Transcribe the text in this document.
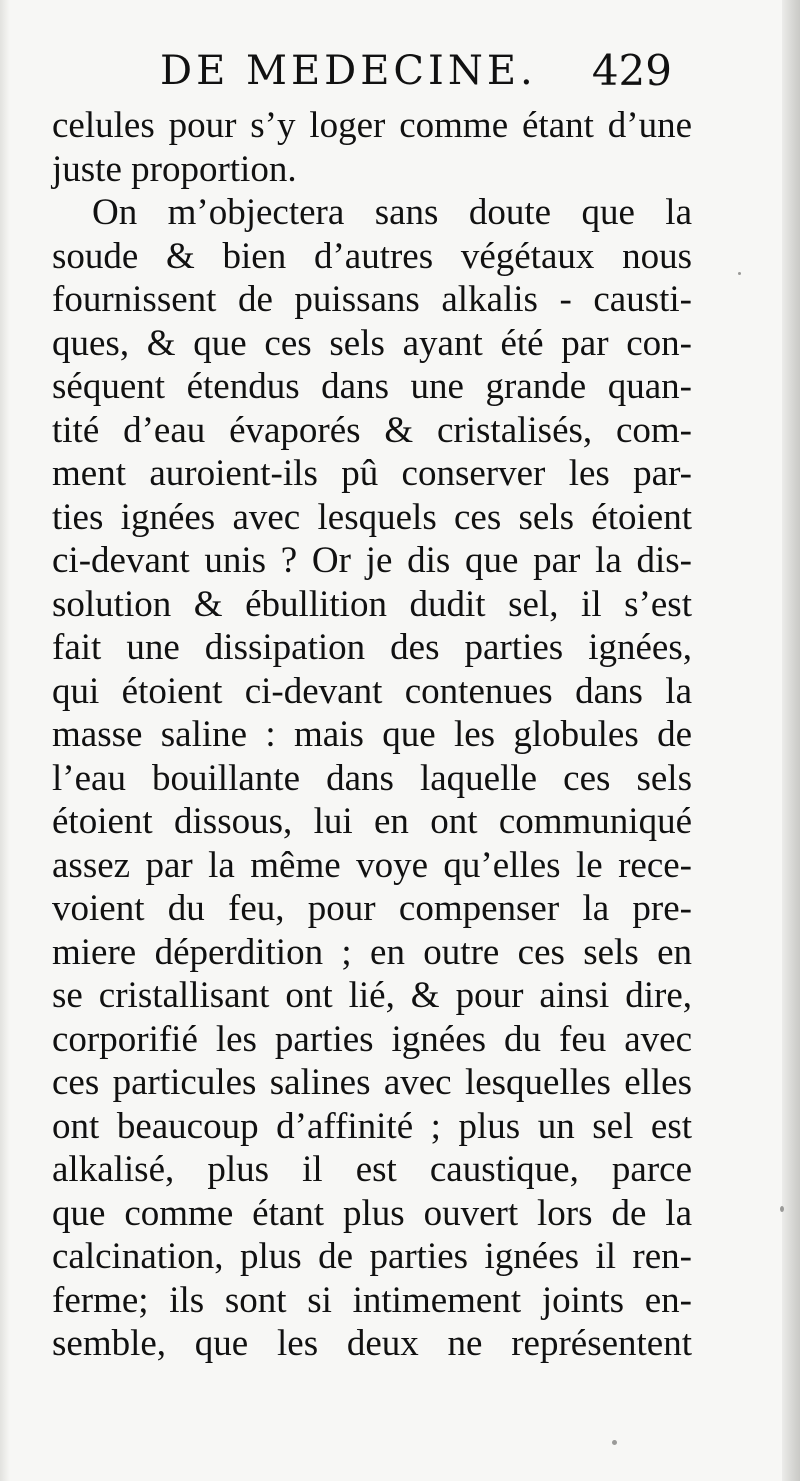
DE MEDECINE. 429
celules pour s’y loger comme étant d’une
juste proportion.
On m’objectera sans doute que la
soude & bien d’autres végétaux nous
fournissent de puissans alkalis - causti-
ques, & que ces sels ayant été par con-
séquent étendus dans une grande quan-
tité d’eau évaporés & cristalisés, com-
ment auroient-ils pû conserver les par-
ties ignées avec lesquels ces sels étoient
ci-devant unis ? Or je dis que par la dis-
solution & ébullition dudit sel, il s’est
fait une dissipation des parties ignées,
qui étoient ci-devant contenues dans la
masse saline : mais que les globules de
l’eau bouillante dans laquelle ces sels
étoient dissous, lui en ont communiqué
assez par la même voye qu’elles le rece-
voient du feu, pour compenser la pre-
miere déperdition ; en outre ces sels en
se cristallisant ont lié, & pour ainsi dire,
corporifié les parties ignées du feu avec
ces particules salines avec lesquelles elles
ont beaucoup d’affinité ; plus un sel est
alkalisé, plus il est caustique, parce
que comme étant plus ouvert lors de la
calcination, plus de parties ignées il ren-
ferme; ils sont si intimement joints en-
semble, que les deux ne représentent
